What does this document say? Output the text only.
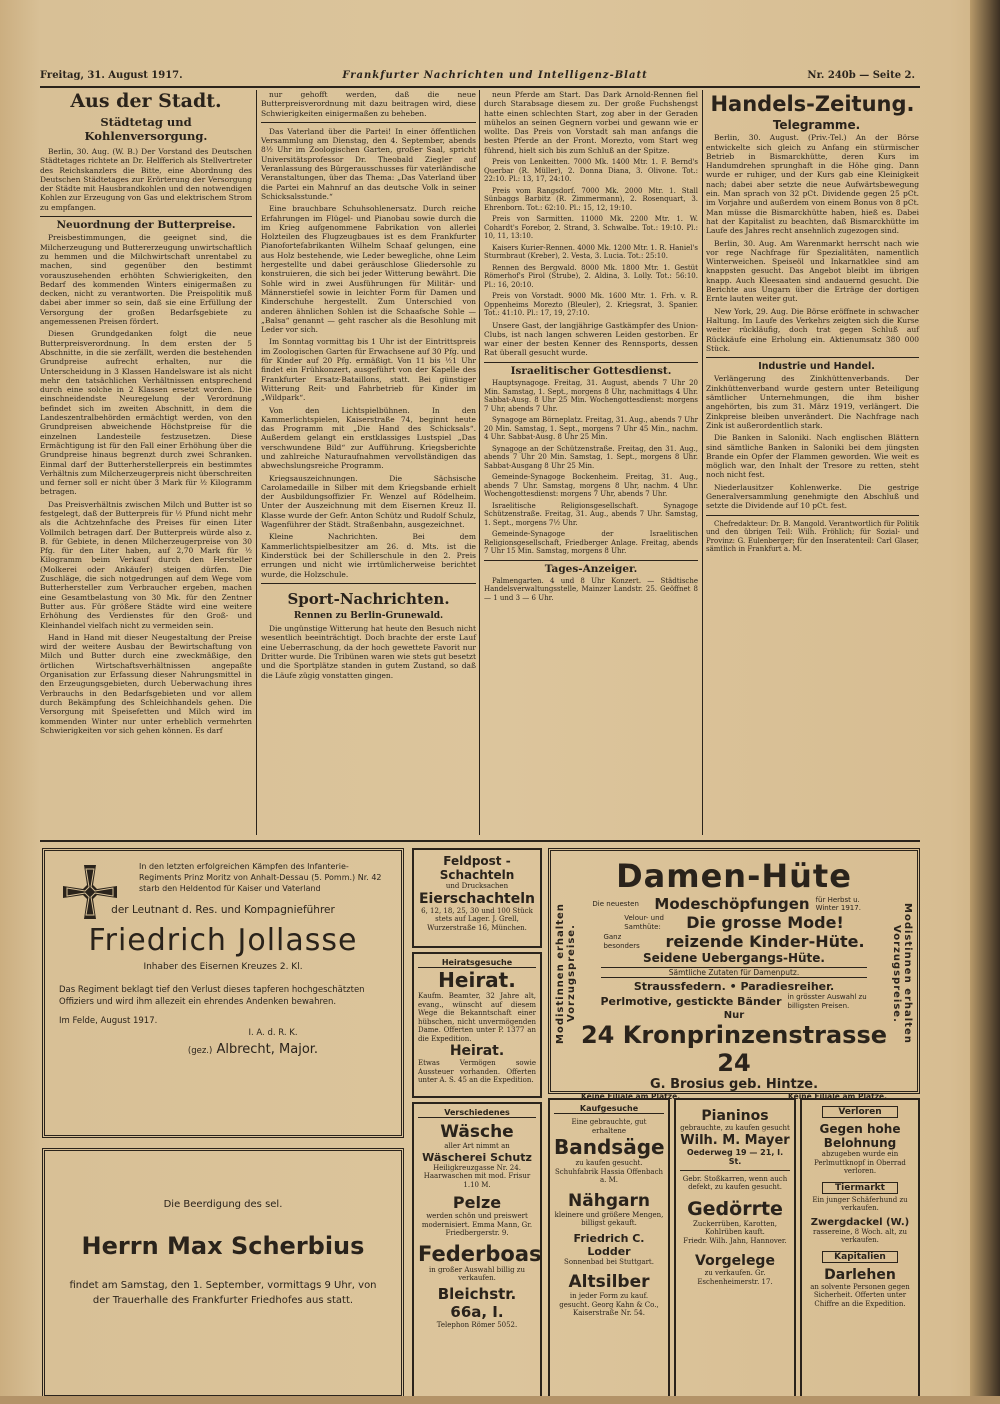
Freitag, 31. August 1917.	Frankfurter Nachrichten und Intelligenz-Blatt	Nr. 240b — Seite 2.

Aus der Stadt.

Städtetag und Kohlenversorgung.

Berlin, 30. Aug. (W. B.) Der Vorstand des Deutschen Städtetages richtete an Dr. Helfferich als Stellvertreter des Reichskanzlers die Bitte, eine Abordnung des Deutschen Städtetages zur Erörterung der Versorgung der Städte mit Hausbrandkohlen und den notwendigen Kohlen zur Erzeugung von Gas und elektrischem Strom zu empfangen.

Neuordnung der Butterpreise.

Preisbestimmungen, die geeignet sind, die Milcherzeugung und Buttererzeugung unwirtschaftlich zu hemmen und die Milchwirtschaft unrentabel zu machen, sind gegenüber den bestimmt vorauszusehenden erhöhten Schwierigkeiten, den Bedarf des kommenden Winters einigermaßen zu decken, nicht zu verantworten. Die Preispolitik muß dabei aber immer so sein, daß sie eine Erfüllung der Versorgung der großen Bedarfsgebiete zu angemessenen Preisen fördert.

Diesen Grundgedanken folgt die neue Butterpreisverordnung. In dem ersten der 5 Abschnitte, in die sie zerfällt, werden die bestehenden Grundpreise aufrecht erhalten, nur die Unterscheidung in 3 Klassen Handelsware ist als nicht mehr den tatsächlichen Verhältnissen entsprechend durch eine solche in 2 Klassen ersetzt worden. Die einschneidendste Neuregelung der Verordnung befindet sich im zweiten Abschnitt, in dem die Landeszentralbehörden ermächtigt werden, von den Grundpreisen abweichende Höchstpreise für die einzelnen Landesteile festzusetzen. Diese Ermächtigung ist für den Fall einer Erhöhung über die Grundpreise hinaus begrenzt durch zwei Schranken. Einmal darf der Butterherstellerpreis ein bestimmtes Verhältnis zum Milcherzeugerpreis nicht überschreiten und ferner soll er nicht über 3 Mark für ½ Kilogramm betragen.

Das Preisverhältnis zwischen Milch und Butter ist so festgelegt, daß der Butterpreis für ½ Pfund nicht mehr als die Achtzehnfache des Preises für einen Liter Vollmilch betragen darf. Der Butterpreis würde also z. B. für Gebiete, in denen Milcherzeugerpreise von 30 Pfg. für den Liter haben, auf 2,70 Mark für ½ Kilogramm beim Verkauf durch den Hersteller (Molkerei oder Ankäufer) steigen dürfen. Die Zuschläge, die sich notgedrungen auf dem Wege vom Butterhersteller zum Verbraucher ergeben, machen eine Gesamtbelastung von 30 Mk. für den Zentner Butter aus. Für größere Städte wird eine weitere Erhöhung des Verdienstes für den Groß- und Kleinhandel vielfach nicht zu vermeiden sein.

Hand in Hand mit dieser Neugestaltung der Preise wird der weitere Ausbau der Bewirtschaftung von Milch und Butter durch eine zweckmäßige, den örtlichen Wirtschaftsverhältnissen angepaßte Organisation zur Erfassung dieser Nahrungsmittel in den Erzeugungsgebieten, durch Ueberwachung ihres Verbrauchs in den Bedarfsgebieten und vor allem durch Bekämpfung des Schleichhandels gehen. Die Versorgung mit Speisefetten und Milch wird im kommenden Winter nur unter erheblich vermehrten Schwierigkeiten vor sich gehen können. Es darf

nur gehofft werden, daß die neue Butterpreisverordnung mit dazu beitragen wird, diese Schwierigkeiten einigermaßen zu beheben.

Das Vaterland über die Partei! In einer öffentlichen Versammlung am Dienstag, den 4. September, abends 8½ Uhr im Zoologischen Garten, großer Saal, spricht Universitätsprofessor Dr. Theobald Ziegler auf Veranlassung des Bürgerausschusses für vaterländische Veranstaltungen, über das Thema: „Das Vaterland über die Partei ein Mahnruf an das deutsche Volk in seiner Schicksalsstunde.“

Eine brauchbare Schuhsohlenersatz. Durch reiche Erfahrungen im Flügel- und Pianobau sowie durch die im Krieg aufgenommene Fabrikation von allerlei Holzteilen des Flugzeugbaues ist es dem Frankfurter Pianofortefabrikanten Wilhelm Schaaf gelungen, eine aus Holz bestehende, wie Leder bewegliche, ohne Leim hergestellte und dabei geräuschlose Gliedersohle zu konstruieren, die sich bei jeder Witterung bewährt. Die Sohle wird in zwei Ausführungen für Militär- und Männerstiefel sowie in leichter Form für Damen und Kinderschuhe hergestellt. Zum Unterschied von anderen ähnlichen Sohlen ist die Schaafsche Sohle — „Balsa“ genannt — geht rascher als die Besohlung mit Leder vor sich.

Im Sonntag vormittag bis 1 Uhr ist der Eintrittspreis im Zoologischen Garten für Erwachsene auf 30 Pfg. und für Kinder auf 20 Pfg. ermäßigt. Von 11 bis ½1 Uhr findet ein Frühkonzert, ausgeführt von der Kapelle des Frankfurter Ersatz-Bataillons, statt. Bei günstiger Witterung Reit- und Fahrbetrieb für Kinder im „Wildpark“.

Von den Lichtspielbühnen. In den Kammerlichtspielen, Kaiserstraße 74, beginnt heute das Programm mit „Die Hand des Schicksals“. Außerdem gelangt ein erstklassiges Lustspiel „Das verschwundene Bild“ zur Aufführung. Kriegsberichte und zahlreiche Naturaufnahmen vervollständigen das abwechslungsreiche Programm.

Kriegsauszeichnungen. Die Sächsische Carolamedaille in Silber mit dem Kriegsbande erhielt der Ausbildungsoffizier Fr. Wenzel auf Rödelheim. Unter der Auszeichnung mit dem Eisernen Kreuz II. Klasse wurde der Gefr. Anton Schütz und Rudolf Schulz, Wagenführer der Städt. Straßenbahn, ausgezeichnet.

Kleine Nachrichten. Bei dem Kammerlichtspielbesitzer am 26. d. Mts. ist die Kinderstück bei der Schillerschule in den 2. Preis errungen und nicht wie irrtümlicherweise berichtet wurde, die Holzschule.

Sport-Nachrichten.

Rennen zu Berlin-Grunewald.

Die ungünstige Witterung hat heute den Besuch nicht wesentlich beeinträchtigt. Doch brachte der erste Lauf eine Ueberraschung, da der hoch gewettete Favorit nur Dritter wurde. Die Tribünen waren wie stets gut besetzt und die Sportplätze standen in gutem Zustand, so daß die Läufe zügig vonstatten gingen.

neun Pferde am Start. Das Dark Arnold-Rennen fiel durch Starabsage diesem zu. Der große Fuchshengst hatte einen schlechten Start, zog aber in der Geraden mühelos an seinen Gegnern vorbei und gewann wie er wollte. Das Preis von Vorstadt sah man anfangs die besten Pferde an der Front. Morezto, vom Start weg führend, hielt sich bis zum Schluß an der Spitze.

Preis von Lenkeitten. 7000 Mk. 1400 Mtr. 1. F. Bernd's Querbar (R. Müller), 2. Donna Diana, 3. Olivone. Tot.: 22:10. Pl.: 13, 17, 24:10.

Preis vom Rangsdorf. 7000 Mk. 2000 Mtr. 1. Stall Sünbaggs Barbitz (R. Zimmermann), 2. Rosenquart, 3. Ehrenborn. Tot.: 62:10. Pl.: 15, 12, 19:10.

Preis von Sarmitten. 11000 Mk. 2200 Mtr. 1. W. Cohardt's Forebor, 2. Strand, 3. Schwalbe. Tot.: 19:10. Pl.: 10, 11, 13:10.

Kaisers Kurier-Rennen. 4000 Mk. 1200 Mtr. 1. R. Haniel's Sturmbraut (Kreber), 2. Vesta, 3. Lucia. Tot.: 25:10.

Rennen des Bergwald. 8000 Mk. 1800 Mtr. 1. Gestüt Römerhof's Pirol (Strube), 2. Aldina, 3. Lolly. Tot.: 56:10. Pl.: 16, 20:10.

Preis von Vorstadt. 9000 Mk. 1600 Mtr. 1. Frh. v. R. Oppenheims Morezto (Bleuler), 2. Kriegsrat, 3. Spanier. Tot.: 41:10. Pl.: 17, 19, 27:10.

Unsere Gast, der langjährige Gastkämpfer des Union-Clubs, ist nach langen schweren Leiden gestorben. Er war einer der besten Kenner des Rennsports, dessen Rat überall gesucht wurde.

Israelitischer Gottesdienst.

Hauptsynagoge. Freitag, 31. August, abends 7 Uhr 20 Min. Samstag, 1. Sept., morgens 8 Uhr, nachmittags 4 Uhr. Sabbat-Ausg. 8 Uhr 25 Min. Wochengottesdienst: morgens 7 Uhr, abends 7 Uhr.

Synagoge am Börneplatz. Freitag, 31. Aug., abends 7 Uhr 20 Min. Samstag, 1. Sept., morgens 7 Uhr 45 Min., nachm. 4 Uhr. Sabbat-Ausg. 8 Uhr 25 Min.

Synagoge an der Schützenstraße. Freitag, den 31. Aug., abends 7 Uhr 20 Min. Samstag, 1. Sept., morgens 8 Uhr. Sabbat-Ausgang 8 Uhr 25 Min.

Gemeinde-Synagoge Bockenheim. Freitag, 31. Aug., abends 7 Uhr. Samstag, morgens 8 Uhr, nachm. 4 Uhr. Wochengottesdienst: morgens 7 Uhr, abends 7 Uhr.

Israelitische Religionsgesellschaft. Synagoge Schützenstraße. Freitag, 31. Aug., abends 7 Uhr. Samstag, 1. Sept., morgens 7½ Uhr.

Gemeinde-Synagoge der Israelitischen Religionsgesellschaft, Friedberger Anlage. Freitag, abends 7 Uhr 15 Min. Samstag, morgens 8 Uhr.

Tages-Anzeiger.

Palmengarten. 4 und 8 Uhr Konzert. — Städtische Handelsverwaltungsstelle, Mainzer Landstr. 25. Geöffnet 8 — 1 und 3 — 6 Uhr.

Handels-Zeitung.

Telegramme.

Berlin, 30. August. (Priv.-Tel.) An der Börse entwickelte sich gleich zu Anfang ein stürmischer Betrieb in Bismarckhütte, deren Kurs im Handumdrehen sprunghaft in die Höhe ging. Dann wurde er ruhiger, und der Kurs gab eine Kleinigkeit nach; dabei aber setzte die neue Aufwärtsbewegung ein. Man sprach von 32 pCt. Dividende gegen 25 pCt. im Vorjahre und außerdem von einem Bonus von 8 pCt. Man müsse die Bismarckhütte haben, hieß es. Dabei hat der Kapitalist zu beachten, daß Bismarckhütte im Laufe des Jahres recht ansehnlich zugezogen sind.

Berlin, 30. Aug. Am Warenmarkt herrscht nach wie vor rege Nachfrage für Spezialitäten, namentlich Winterweichen. Speiseöl und Inkarnatklee sind am knappsten gesucht. Das Angebot bleibt im übrigen knapp. Auch Kleesaaten sind andauernd gesucht. Die Berichte aus Ungarn über die Erträge der dortigen Ernte lauten weiter gut.

New York, 29. Aug. Die Börse eröffnete in schwacher Haltung. Im Laufe des Verkehrs zeigten sich die Kurse weiter rückläufig, doch trat gegen Schluß auf Rückkäufe eine Erholung ein. Aktienumsatz 380 000 Stück.

Industrie und Handel.

Verlängerung des Zinkhüttenverbands. Der Zinkhüttenverband wurde gestern unter Beteiligung sämtlicher Unternehmungen, die ihm bisher angehörten, bis zum 31. März 1919, verlängert. Die Zinkpreise bleiben unverändert. Die Nachfrage nach Zink ist außerordentlich stark.

Die Banken in Saloniki. Nach englischen Blättern sind sämtliche Banken in Saloniki bei dem jüngsten Brande ein Opfer der Flammen geworden. Wie weit es möglich war, den Inhalt der Tresore zu retten, steht noch nicht fest.

Niederlausitzer Kohlenwerke. Die gestrige Generalversammlung genehmigte den Abschluß und setzte die Dividende auf 10 pCt. fest.

Chefredakteur: Dr. B. Mangold. Verantwortlich für Politik und den übrigen Teil: Wilh. Fröhlich; für Sozial- und Provinz: G. Eulenberger; für den Inseratenteil: Carl Glaser, sämtlich in Frankfurt a. M.

In den letzten erfolgreichen Kämpfen des Infanterie-Regiments Prinz Moritz von Anhalt-Dessau (5. Pomm.) Nr. 42 starb den Heldentod für Kaiser und Vaterland
der Leutnant d. Res. und Kompagnieführer
Friedrich Jollasse
Inhaber des Eisernen Kreuzes 2. Kl.
Das Regiment beklagt tief den Verlust dieses tapferen hochgeschätzten Offiziers und wird ihm allezeit ein ehrendes Andenken bewahren.
Im Felde, August 1917.
I. A. d. R. K.
(gez.) Albrecht, Major.
Die Beerdigung des sel.
Herrn Max Scherbius
findet am Samstag, den 1. September, vormittags 9 Uhr, von der Trauerhalle des Frankfurter Friedhofes aus statt.
Feldpost - Schachteln
und Drucksachen
Eierschachteln
6, 12, 18, 25, 30 und 100 Stück stets auf Lager. J. Grell, Wurzerstraße 16, München.
Heiratsgesuche
Heirat.
Kaufm. Beamter, 32 Jahre alt, evang., wünscht auf diesem Wege die Bekanntschaft einer hübschen, nicht unvermögenden Dame. Offerten unter P. 1377 an die Expedition.
Heirat.
Etwas Vermögen sowie Aussteuer vorhanden. Offerten unter A. S. 45 an die Expedition.
Verschiedenes
Wäsche
aller Art nimmt an
Wäscherei Schutz
Heiligkreuzgasse Nr. 24. Haarwaschen mit mod. Frisur 1.10 M.
Pelze
werden schön und preiswert modernisiert. Emma Mann, Gr. Friedbergerstr. 9.
Federboas
in großer Auswahl billig zu verkaufen.
Bleichstr. 66a, I.
Telephon Römer 5052.
Modistinnen erhalten Vorzugspreise.	Modistinnen erhalten Vorzugspreise.
Damen-Hüte
Die neuesten	Modeschöpfungen für Herbst u. Winter 1917.
Velour- und Samthüte:	Die grosse Mode!
Ganz besonders	reizende Kinder-Hüte.
Seidene Uebergangs-Hüte.
Sämtliche Zutaten für Damenputz.
Straussfedern. • Paradiesreiher.
Perlmotive, gestickte Bänder in grösster Auswahl zu billigsten Preisen.
Nur
24 Kronprinzenstrasse 24
G. Brosius geb. Hintze.
Keine Filiale am Platze.	Keine Filiale am Platze.
Kaufgesuche
Eine gebrauchte, gut erhaltene
Bandsäge
zu kaufen gesucht. Schuhfabrik Hassia Offenbach a. M.
Nähgarn
kleinere und größere Mengen, billigst gekauft.
Friedrich C. Lodder
Sonnenbad bei Stuttgart.
Altsilber
in jeder Form zu kauf. gesucht. Georg Kahn & Co., Kaiserstraße Nr. 54.
Pianinos
gebrauchte, zu kaufen gesucht
Wilh. M. Mayer
Oederweg 19 — 21, I. St.
Gebr. Stoßkarren, wenn auch defekt, zu kaufen gesucht.
Gedörrte
Zuckerrüben, Karotten, Kohlrüben kauft.
Friedr. Wilh. Jahn, Hannover.
Vorgelege
zu verkaufen. Gr. Eschenheimerstr. 17.
Verloren
Gegen hohe Belohnung
abzugeben wurde ein Perlmuttknopf in Oberrad verloren.
Tiermarkt
Ein junger Schäferhund zu verkaufen.
Zwergdackel (W.)
rassereine, 8 Woch. alt, zu verkaufen.
Kapitalien
Darlehen
an solvente Personen gegen Sicherheit. Offerten unter Chiffre an die Expedition.
